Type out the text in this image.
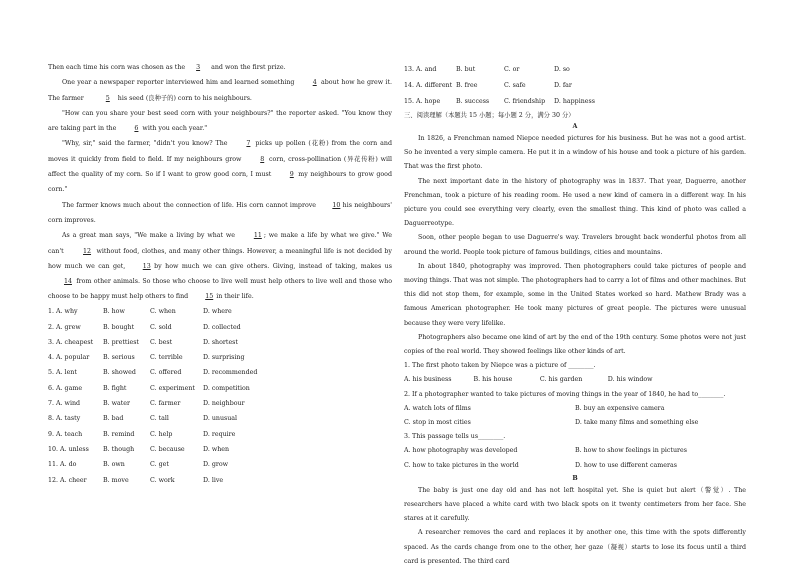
Then each time his corn was chosen as the 3 and won the first prize.

One year a newspaper reporter interviewed him and learned something	4 about how he grew it. The farmer	5 his seed (良种子的) corn to his neighbours.

"How can you share your best seed corn with your neighbours?" the reporter asked. "You know they are taking part in the	6 with you each year."

"Why, sir," said the farmer, "didn't you know? The	7 picks up pollen (花粉) from the corn and moves it quickly from field to field. If my neighbours grow	8 corn, cross-pollination (异花传粉) will affect the quality of my corn. So if I want to grow good corn, I must	9 my neighbours to grow good corn."

The farmer knows much about the connection of life. His corn cannot improve 10 his neighbours' corn improves.

As a great man says, "We make a living by what we	11 ; we make a life by what we give." We can't	12 without food, clothes, and many other things. However, a meaningful life is not decided by how much we can get, 13 by how much we can give others. Giving, instead of taking, makes us 14 from other animals. So those who choose to live well must help others to live well and those who choose to be happy must help others to find 15 in their life.

1. A. why	B. how	C. when	D. where
2. A. grew	B. bought	C. sold	D. collected
3. A. cheapest	B. prettiest	C. best	D. shortest
4. A. popular	B. serious	C. terrible	D. surprising
5. A. lent	B. showed	C. offered	D. recommended
6. A. game	B. fight	C. experiment	D. competition
7. A. wind	B. water	C. farmer	D. neighbour
8. A. tasty	B. bad	C. tall	D. unusual
9. A. teach	B. remind	C. help	D. require
10. A. unless	B. though	C. because	D. when
11. A. do	B. own	C. get	D. grow
12. A. cheer	B. move	C. work	D. live
13. A. and	B. but	C. or	D. so
14. A. different B. free	C. safe	D. far
15. A. hope	B. success	C. friendship	D. happiness

三、阅读理解（本题共 15 小题；每小题 2 分，满分 30 分）

A

In 1826, a Frenchman named Niepce needed pictures for his business. But he was not a good artist. So he invented a very simple camera. He put it in a window of his house and took a picture of his garden. That was the first photo.

The next important date in the history of photography was in 1837. That year, Daguerre, another Frenchman, took a picture of his reading room. He used a new kind of camera in a different way. In his picture you could see everything very clearly, even the smallest thing. This kind of photo was called a Daguerreotype.

Soon, other people began to use Daguerre's way. Travelers brought back wonderful photos from all around the world. People took picture of famous buildings, cities and mountains.

In about 1840, photography was improved. Then photographers could take pictures of people and moving things. That was not simple. The photographers had to carry a lot of films and other machines. But this did not stop them, for example, some in the United States worked so hard. Mathew Brady was a famous American photographer. He took many pictures of great people. The pictures were unusual because they were very lifelike.

Photographers also became one kind of art by the end of the 19th century. Some photos were not just copies of the real world. They showed feelings like other kinds of art.

1. The first photo taken by Niepce was a picture of ________.

A. his business	B. his house	C. his garden	D. his window

2. If a photographer wanted to take pictures of moving things in the year of 1840, he had to________.

A. watch lots of films	B. buy an expensive camera
C. stop in most cities	D. take many films and something else

3. This passage tells us________.

A. how photography was developed	B. how to show feelings in pictures
C. how to take pictures in the world	D. how to use different cameras

B

The baby is just one day old and has not left hospital yet. She is quiet but alert（警觉）. The researchers have placed a white card with two black spots on it twenty centimeters from her face. She stares at it carefully.

A researcher removes the card and replaces it by another one, this time with the spots differently spaced. As the cards change from one to the other, her gaze（凝视）starts to lose its focus until a third card is presented. The third card
